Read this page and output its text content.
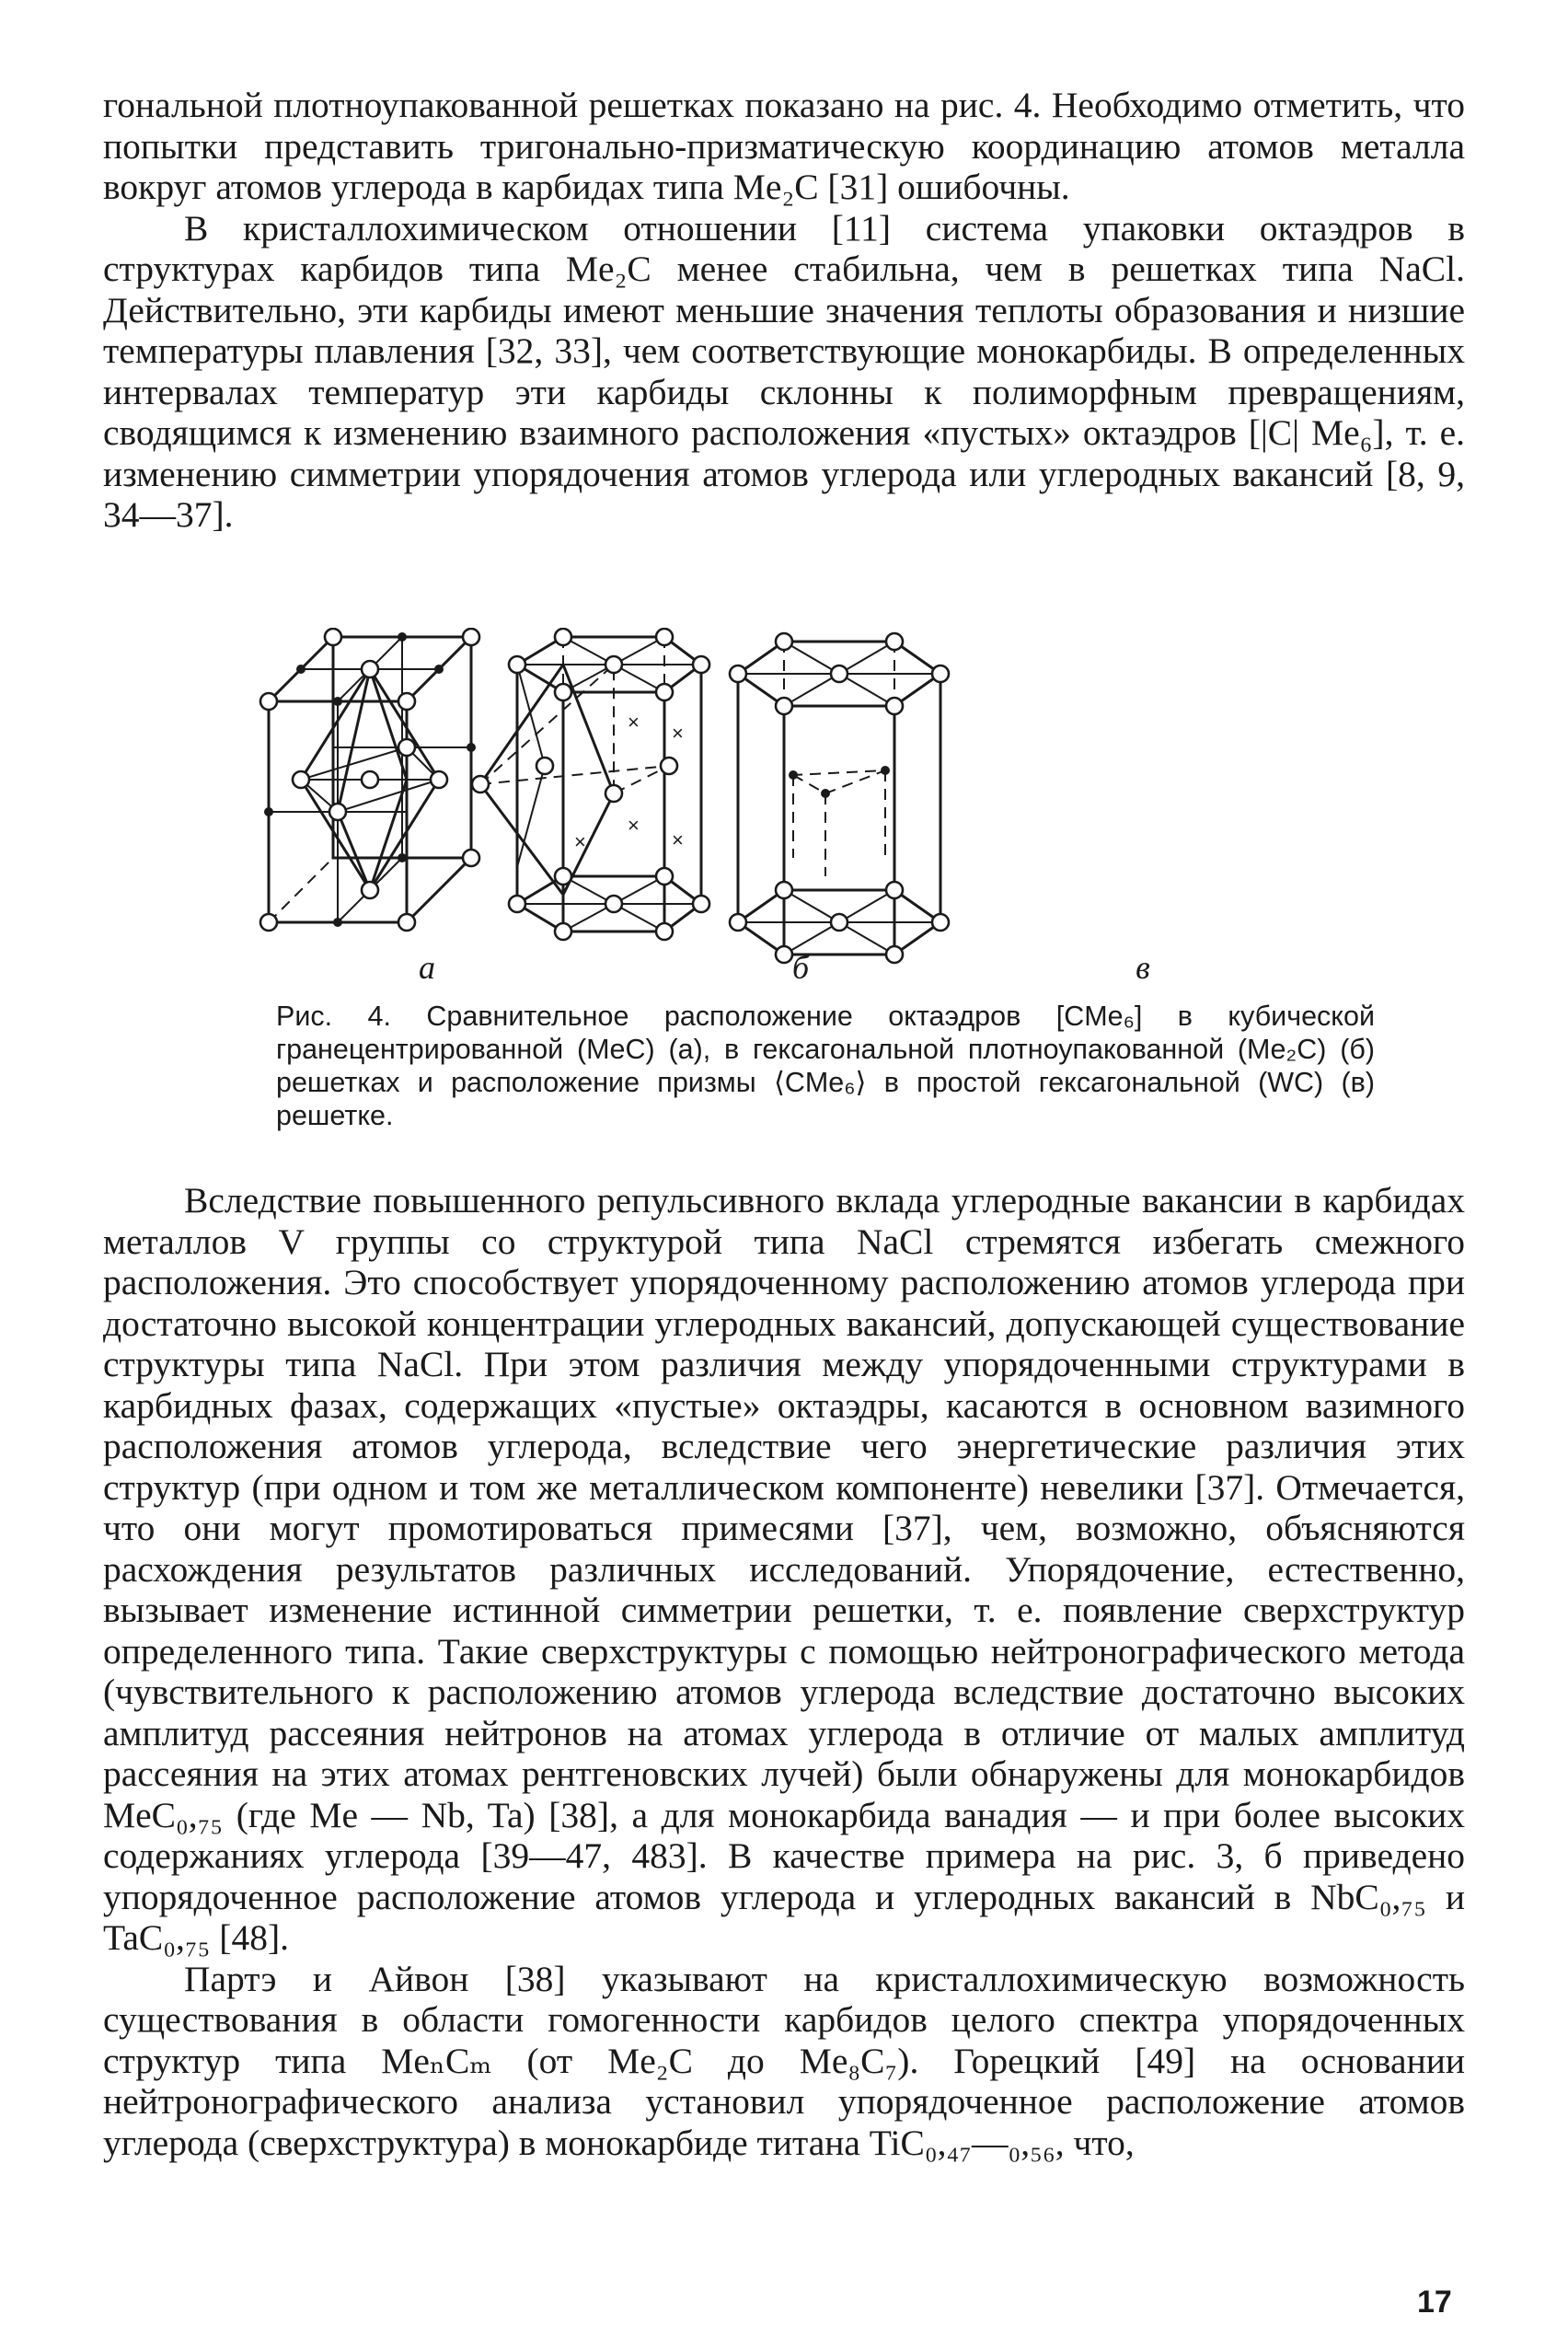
гональной плотноупакованной решетках показано на рис. 4. Необходимо отметить, что попытки представить тригонально-призматическую координацию атомов металла вокруг атомов углерода в карбидах типа Me₂C [31] ошибочны.

В кристаллохимическом отношении [11] система упаковки октаэдров в структурах карбидов типа Me₂C менее стабильна, чем в решетках типа NaCl. Действительно, эти карбиды имеют меньшие значения теплоты образования и низшие температуры плавления [32, 33], чем соответствующие монокарбиды. В определенных интервалах температур эти карбиды склонны к полиморфным превращениям, сводящимся к изменению взаимного расположения «пустых» октаэдров [|C| Me₆], т. е. изменению симметрии упорядочения атомов углерода или углеродных вакансий [8, 9, 34—37].

× ×
×
×
×
а	б	в
Рис. 4. Сравнительное расположение октаэдров [CMe₆] в кубической гранецентрированной (MeC) (а), в гексагональной плотноупакованной (Me₂C) (б) решетках и расположение призмы ⟨CMe₆⟩ в простой гексагональной (WC) (в) решетке.

Вследствие повышенного репульсивного вклада углеродные вакансии в карбидах металлов V группы со структурой типа NaCl стремятся избегать смежного расположения. Это способствует упорядоченному расположению атомов углерода при достаточно высокой концентрации углеродных вакансий, допускающей существование структуры типа NaCl. При этом различия между упорядоченными структурами в карбидных фазах, содержащих «пустые» октаэдры, касаются в основном вазимного расположения атомов углерода, вследствие чего энергетические различия этих структур (при одном и том же металлическом компоненте) невелики [37]. Отмечается, что они могут промотироваться примесями [37], чем, возможно, объясняются расхождения результатов различных исследований. Упорядочение, естественно, вызывает изменение истинной симметрии решетки, т. е. появление сверхструктур определенного типа. Такие сверхструктуры с помощью нейтронографического метода (чувствительного к расположению атомов углерода вследствие достаточно высоких амплитуд рассеяния нейтронов на атомах углерода в отличие от малых амплитуд рассеяния на этих атомах рентгеновских лучей) были обнаружены для монокарбидов MeC₀,₇₅ (где Me — Nb, Ta) [38], а для монокарбида ванадия — и при более высоких содержаниях углерода [39—47, 483]. В качестве примера на рис. 3, б приведено упорядоченное расположение атомов углерода и углеродных вакансий в NbC₀,₇₅ и TaC₀,₇₅ [48].

Партэ и Айвон [38] указывают на кристаллохимическую возможность существования в области гомогенности карбидов целого спектра упорядоченных структур типа MeₙCₘ (от Me₂C до Me₈C₇). Горецкий [49] на основании нейтронографического анализа установил упорядоченное расположение атомов углерода (сверхструктура) в монокарбиде титана TiC₀,₄₇—₀,₅₆, что,

17
